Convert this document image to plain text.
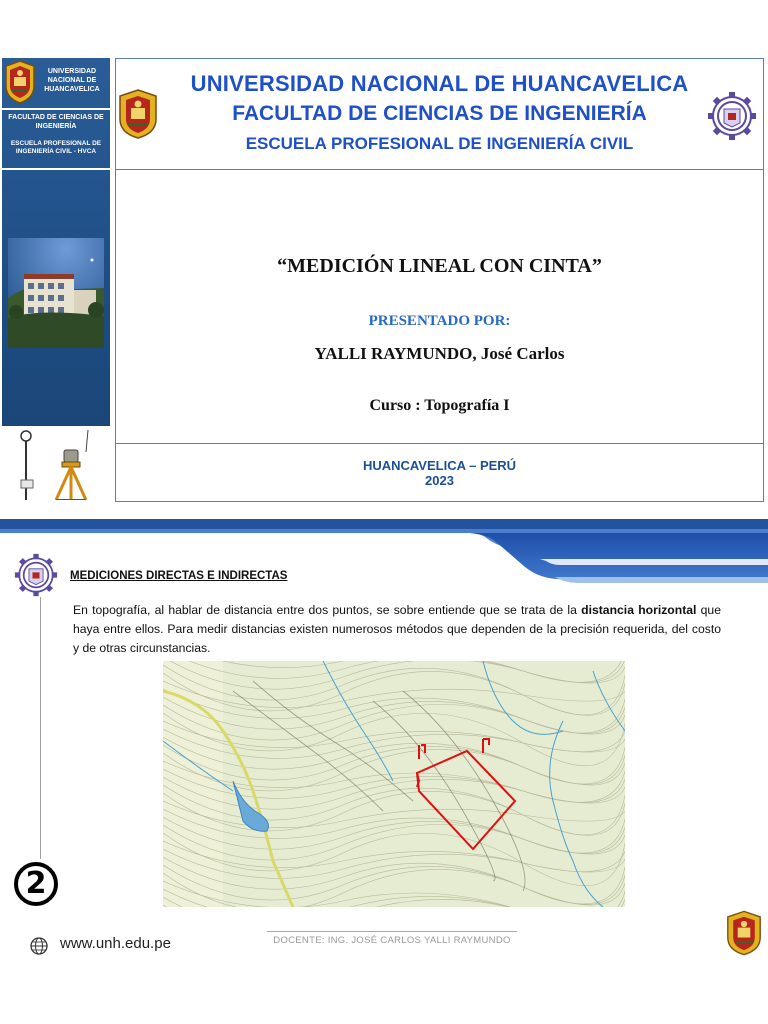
UNIVERSIDAD NACIONAL DE HUANCAVELICA
FACULTAD DE CIENCIAS DE INGENIERÍA
ESCUELA PROFESIONAL DE INGENIERÍA CIVIL - HVCA
UNIVERSIDAD NACIONAL DE HUANCAVELICA
FACULTAD DE CIENCIAS DE INGENIERÍA
ESCUELA PROFESIONAL DE INGENIERÍA CIVIL
“MEDICIÓN LINEAL CON CINTA”
PRESENTADO POR:
YALLI RAYMUNDO, José Carlos
Curso : Topografía I
HUANCAVELICA – PERÚ
2023
MEDICIONES DIRECTAS E INDIRECTAS

En topografía, al hablar de distancia entre dos puntos, se sobre entiende que se trata de la distancia horizontal que haya entre ellos. Para medir distancias existen numerosos métodos que dependen de la precisión requerida, del costo y de otras circunstancias.

2
www.unh.edu.pe	DOCENTE: ING. JOSÉ CARLOS YALLI RAYMUNDO
